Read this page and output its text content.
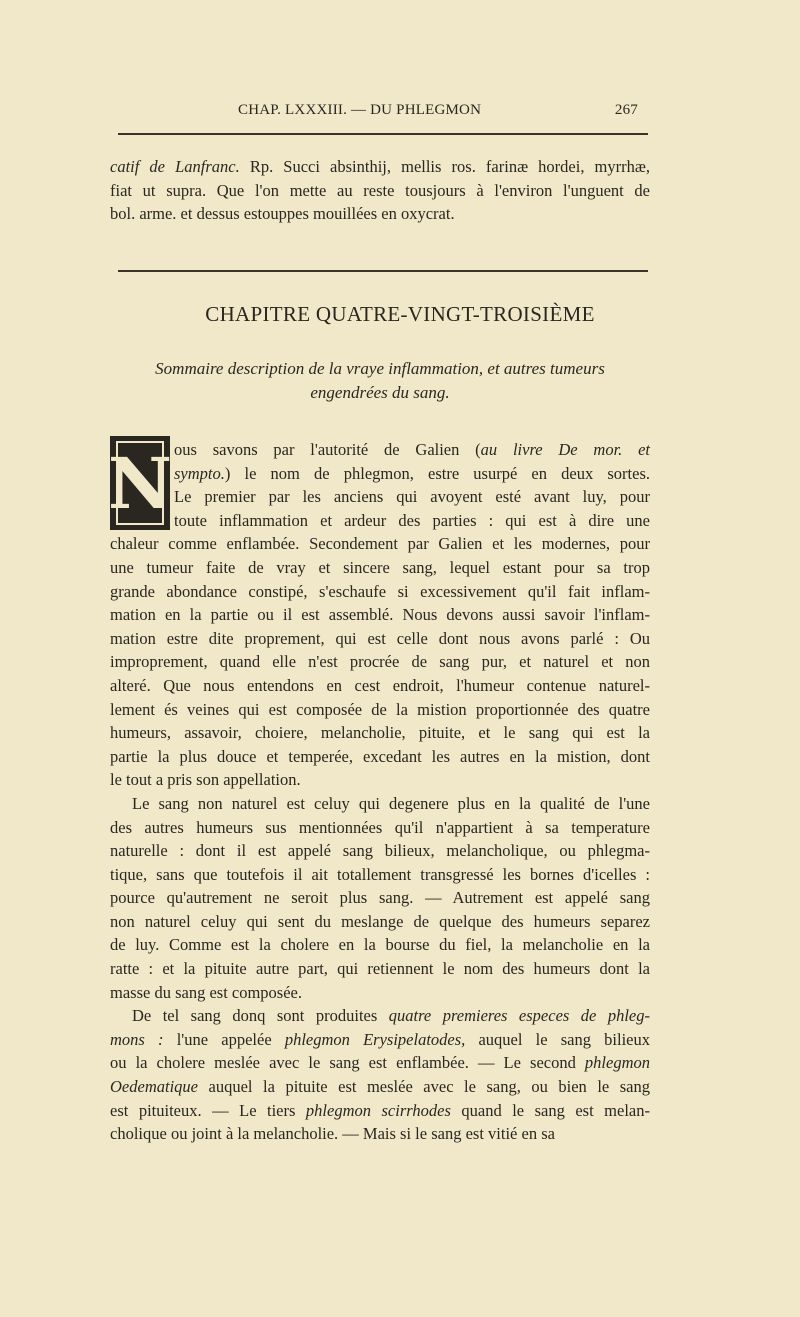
CHAP. LXXXIII. — DU PHLEGMON	267
catif de Lanfranc. Rp. Succi absinthij, mellis ros. farinæ hordei, myrrhæ,
fiat ut supra. Que l'on mette au reste tousjours à l'environ l'unguent de
bol. arme. et dessus estouppes mouillées en oxycrat.
CHAPITRE QUATRE-VINGT-TROISIÈME
Sommaire description de la vraye inflammation, et autres tumeurs
engendrées du sang.
N ous savons par l'autorité de Galien (au livre De mor. et
sympto.) le nom de phlegmon, estre usurpé en deux sortes.
Le premier par les anciens qui avoyent esté avant luy, pour
toute inflammation et ardeur des parties : qui est à dire une
chaleur comme enflambée. Secondement par Galien et les modernes, pour
une tumeur faite de vray et sincere sang, lequel estant pour sa trop
grande abondance constipé, s'eschaufe si excessivement qu'il fait inflam-
mation en la partie ou il est assemblé. Nous devons aussi savoir l'inflam-
mation estre dite proprement, qui est celle dont nous avons parlé : Ou
improprement, quand elle n'est procrée de sang pur, et naturel et non
alteré. Que nous entendons en cest endroit, l'humeur contenue naturel-
lement és veines qui est composée de la mistion proportionnée des quatre
humeurs, assavoir, choiere, melancholie, pituite, et le sang qui est la
partie la plus douce et temperée, excedant les autres en la mistion, dont
le tout a pris son appellation.
Le sang non naturel est celuy qui degenere plus en la qualité de l'une
des autres humeurs sus mentionnées qu'il n'appartient à sa temperature
naturelle : dont il est appelé sang bilieux, melancholique, ou phlegma-
tique, sans que toutefois il ait totallement transgressé les bornes d'icelles :
pource qu'autrement ne seroit plus sang. — Autrement est appelé sang
non naturel celuy qui sent du meslange de quelque des humeurs separez
de luy. Comme est la cholere en la bourse du fiel, la melancholie en la
ratte : et la pituite autre part, qui retiennent le nom des humeurs dont la
masse du sang est composée.
De tel sang donq sont produites quatre premieres especes de phleg-
mons : l'une appelée phlegmon Erysipelatodes, auquel le sang bilieux
ou la cholere meslée avec le sang est enflambée. — Le second phlegmon
Oedematique auquel la pituite est meslée avec le sang, ou bien le sang
est pituiteux. — Le tiers phlegmon scirrhodes quand le sang est melan-
cholique ou joint à la melancholie. — Mais si le sang est vitié en sa
